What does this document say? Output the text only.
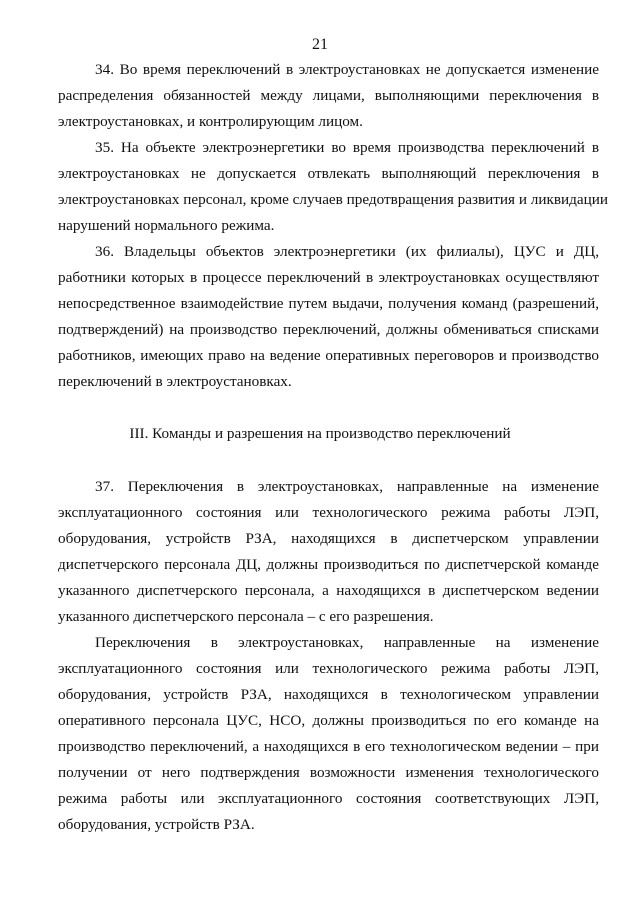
21
34. Во время переключений в электроустановках не допускается изменение
распределения обязанностей между лицами, выполняющими переключения в
электроустановках, и контролирующим лицом.
35. На объекте электроэнергетики во время производства переключений в
электроустановках не допускается отвлекать выполняющий переключения в
электроустановках персонал, кроме случаев предотвращения развития и ликвидации
нарушений нормального режима.
36. Владельцы объектов электроэнергетики (их филиалы), ЦУС и ДЦ,
работники которых в процессе переключений в электроустановках осуществляют
непосредственное взаимодействие путем выдачи, получения команд (разрешений,
подтверждений) на производство переключений, должны обмениваться списками
работников, имеющих право на ведение оперативных переговоров и производство
переключений в электроустановках.
III. Команды и разрешения на производство переключений
37. Переключения в электроустановках, направленные на изменение
эксплуатационного состояния или технологического режима работы ЛЭП,
оборудования, устройств РЗА, находящихся в диспетчерском управлении
диспетчерского персонала ДЦ, должны производиться по диспетчерской команде
указанного диспетчерского персонала, а находящихся в диспетчерском ведении
указанного диспетчерского персонала – с его разрешения.
Переключения в электроустановках, направленные на изменение
эксплуатационного состояния или технологического режима работы ЛЭП,
оборудования, устройств РЗА, находящихся в технологическом управлении
оперативного персонала ЦУС, НСО, должны производиться по его команде на
производство переключений, а находящихся в его технологическом ведении – при
получении от него подтверждения возможности изменения технологического
режима работы или эксплуатационного состояния соответствующих ЛЭП,
оборудования, устройств РЗА.
